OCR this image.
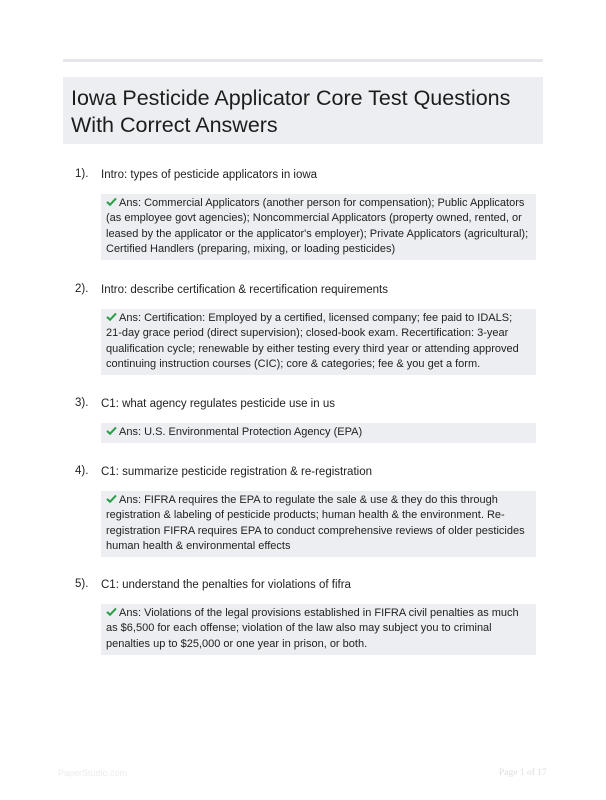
Iowa Pesticide Applicator Core Test Questions With Correct Answers
1). Intro: types of pesticide applicators in iowa
Ans: Commercial Applicators (another person for compensation); Public Applicators (as employee govt agencies); Noncommercial Applicators (property owned, rented, or leased by the applicator or the applicator's employer); Private Applicators (agricultural); Certified Handlers (preparing, mixing, or loading pesticides)
2). Intro: describe certification & recertification requirements
Ans: Certification: Employed by a certified, licensed company; fee paid to IDALS; 21-day grace period (direct supervision); closed-book exam. Recertification: 3-year qualification cycle; renewable by either testing every third year or attending approved continuing instruction courses (CIC); core & categories; fee & you get a form.
3). C1: what agency regulates pesticide use in us
Ans: U.S. Environmental Protection Agency (EPA)
4). C1: summarize pesticide registration & re-registration
Ans: FIFRA requires the EPA to regulate the sale & use & they do this through registration & labeling of pesticide products; human health & the environment. Re-registration FIFRA requires EPA to conduct comprehensive reviews of older pesticides human health & environmental effects
5). C1: understand the penalties for violations of fifra
Ans: Violations of the legal provisions established in FIFRA civil penalties as much as $6,500 for each offense; violation of the law also may subject you to criminal penalties up to $25,000 or one year in prison, or both.
PaperStudio.com	Page 1 of 17
